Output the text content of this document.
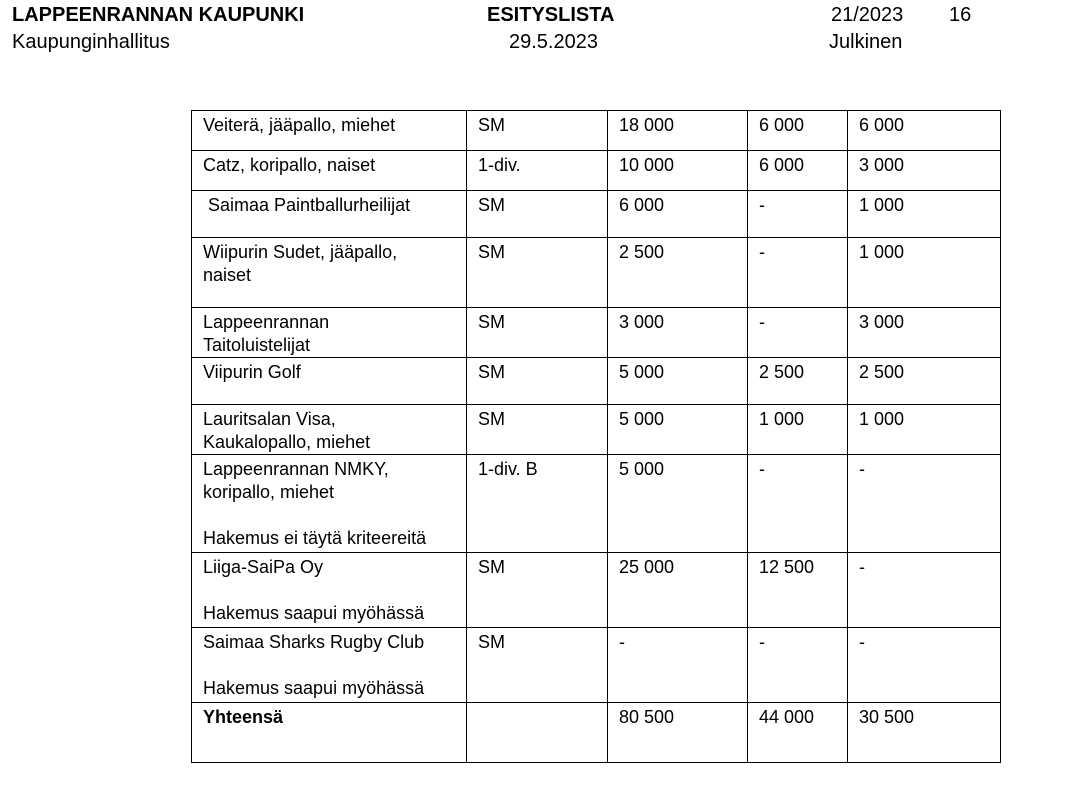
LAPPEENRANNAN KAUPUNKI
Kaupunginhallitus
ESITYSLISTA
29.5.2023
21/2023 16
Julkinen
Veiterä, jääpallo, miehet	SM	18 000	6 000	6 000
Catz, koripallo, naiset	1-div.	10 000	6 000	3 000
Saimaa Paintballurheilijat	SM	6 000	-	1 000

Wiipurin Sudet, jääpallo,
naiset	SM	2 500	-	1 000

Lappeenrannan
Taitoluistelijat	SM	3 000	-	3 000
Viipurin Golf	SM	5 000	2 500	2 500

Lauritsalan Visa,
Kaukalopallo, miehet	SM	5 000	1 000	1 000

Lappeenrannan NMKY,
koripallo, miehet
Hakemus ei täytä kriteereitä	1-div. B	5 000	-	-

Liiga-SaiPa Oy
Hakemus saapui myöhässä	SM	25 000	12 500	-

Saimaa Sharks Rugby Club
Hakemus saapui myöhässä	SM	-	-	-
Yhteensä		80 500	44 000	30 500
